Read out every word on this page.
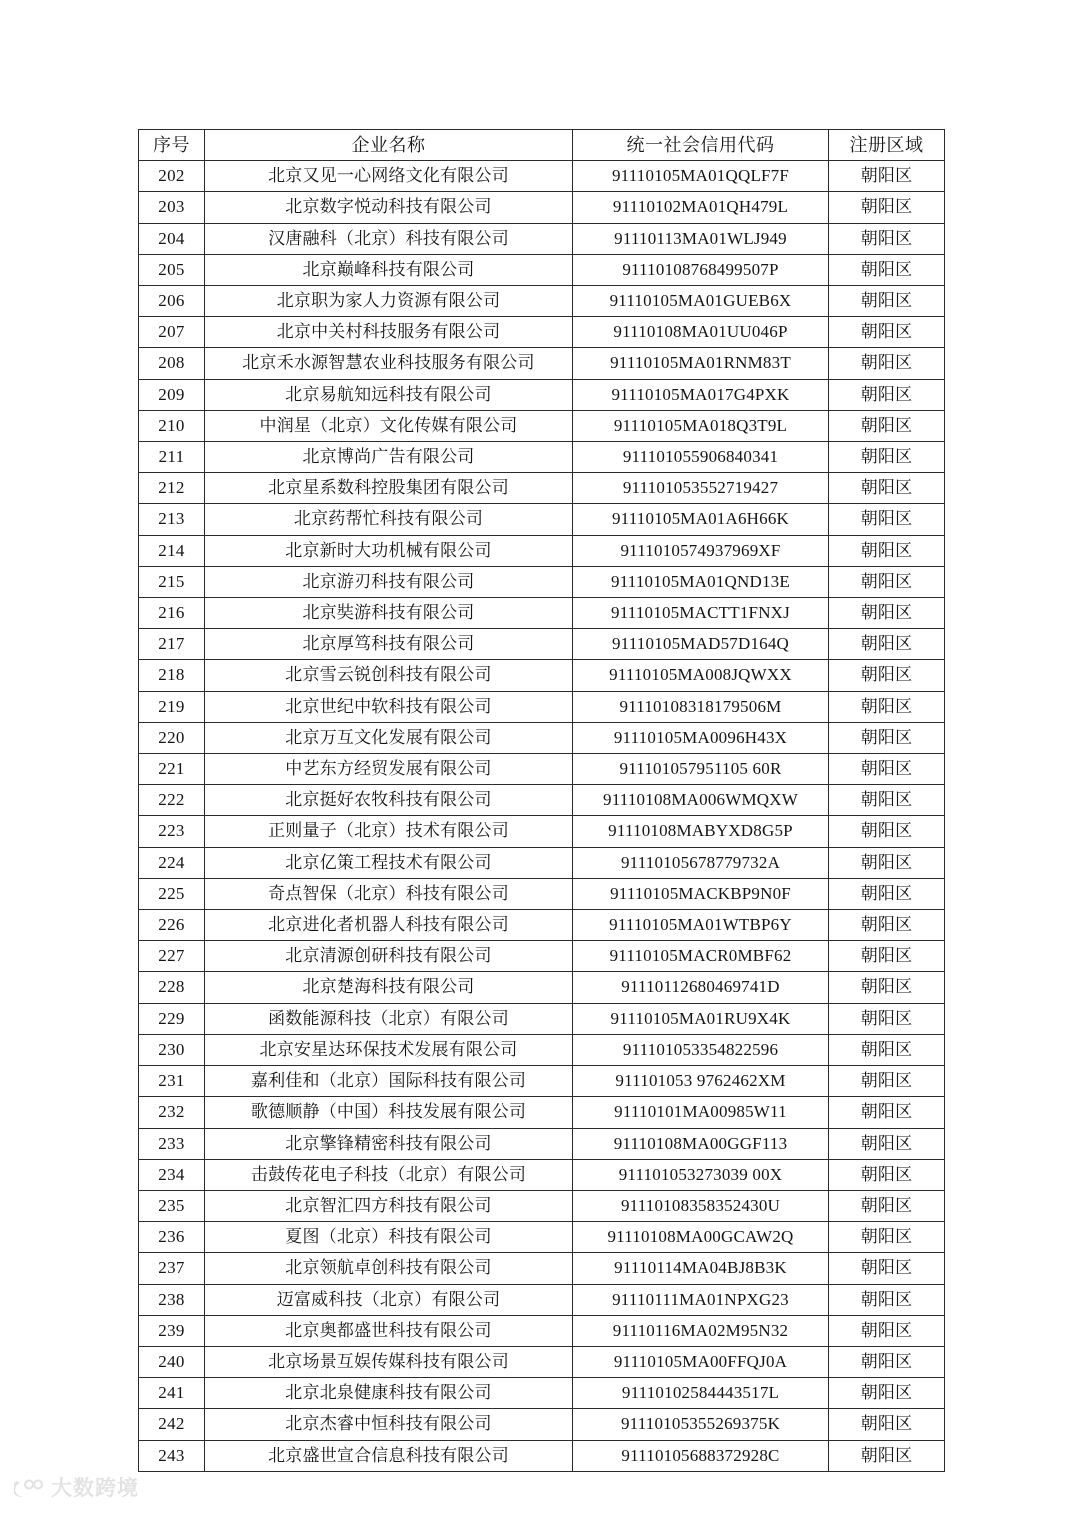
序号	企业名称	统一社会信用代码	注册区域
202	北京又见一心网络文化有限公司	91110105MA01QQLF7F	朝阳区
203	北京数字悦动科技有限公司	91110102MA01QH479L	朝阳区
204	汉唐融科（北京）科技有限公司	91110113MA01WLJ949	朝阳区
205	北京巅峰科技有限公司	91110108768499507P	朝阳区
206	北京职为家人力资源有限公司	91110105MA01GUEB6X	朝阳区
207	北京中关村科技服务有限公司	91110108MA01UU046P	朝阳区
208	北京禾水源智慧农业科技服务有限公司	91110105MA01RNM83T	朝阳区
209	北京易航知远科技有限公司	91110105MA017G4PXK	朝阳区
210	中润星（北京）文化传媒有限公司	91110105MA018Q3T9L	朝阳区
211	北京博尚广告有限公司	911101055906840341	朝阳区
212	北京星系数科控股集团有限公司	911101053552719427	朝阳区
213	北京药帮忙科技有限公司	91110105MA01A6H66K	朝阳区
214	北京新时大功机械有限公司	9111010574937969XF	朝阳区
215	北京游刃科技有限公司	91110105MA01QND13E	朝阳区
216	北京奘游科技有限公司	91110105MACTT1FNXJ	朝阳区
217	北京厚笃科技有限公司	91110105MAD57D164Q	朝阳区
218	北京雪云锐创科技有限公司	91110105MA008JQWXX	朝阳区
219	北京世纪中软科技有限公司	91110108318179506M	朝阳区
220	北京万互文化发展有限公司	91110105MA0096H43X	朝阳区
221	中艺东方经贸发展有限公司	911101057951105 60R	朝阳区
222	北京挺好农牧科技有限公司	91110108MA006WMQXW	朝阳区
223	正则量子（北京）技术有限公司	91110108MABYXD8G5P	朝阳区
224	北京亿策工程技术有限公司	91110105678779732A	朝阳区
225	奇点智保（北京）科技有限公司	91110105MACKBP9N0F	朝阳区
226	北京进化者机器人科技有限公司	91110105MA01WTBP6Y	朝阳区
227	北京清源创研科技有限公司	91110105MACR0MBF62	朝阳区
228	北京楚海科技有限公司	91110112680469741D	朝阳区
229	函数能源科技（北京）有限公司	91110105MA01RU9X4K	朝阳区
230	北京安星达环保技术发展有限公司	911101053354822596	朝阳区
231	嘉利佳和（北京）国际科技有限公司	911101053 9762462XM	朝阳区
232	歌德顺静（中国）科技发展有限公司	91110101MA00985W11	朝阳区
233	北京擎锋精密科技有限公司	91110108MA00GGF113	朝阳区
234	击鼓传花电子科技（北京）有限公司	911101053273039 00X	朝阳区
235	北京智汇四方科技有限公司	91110108358352430U	朝阳区
236	夏图（北京）科技有限公司	91110108MA00GCAW2Q	朝阳区
237	北京领航卓创科技有限公司	91110114MA04BJ8B3K	朝阳区
238	迈富威科技（北京）有限公司	91110111MA01NPXG23	朝阳区
239	北京奥都盛世科技有限公司	91110116MA02M95N32	朝阳区
240	北京场景互娱传媒科技有限公司	91110105MA00FFQJ0A	朝阳区
241	北京北泉健康科技有限公司	91110102584443517L	朝阳区
242	北京杰睿中恒科技有限公司	91110105355269375K	朝阳区
243	北京盛世宣合信息科技有限公司	91110105688372928C	朝阳区
大数跨境
